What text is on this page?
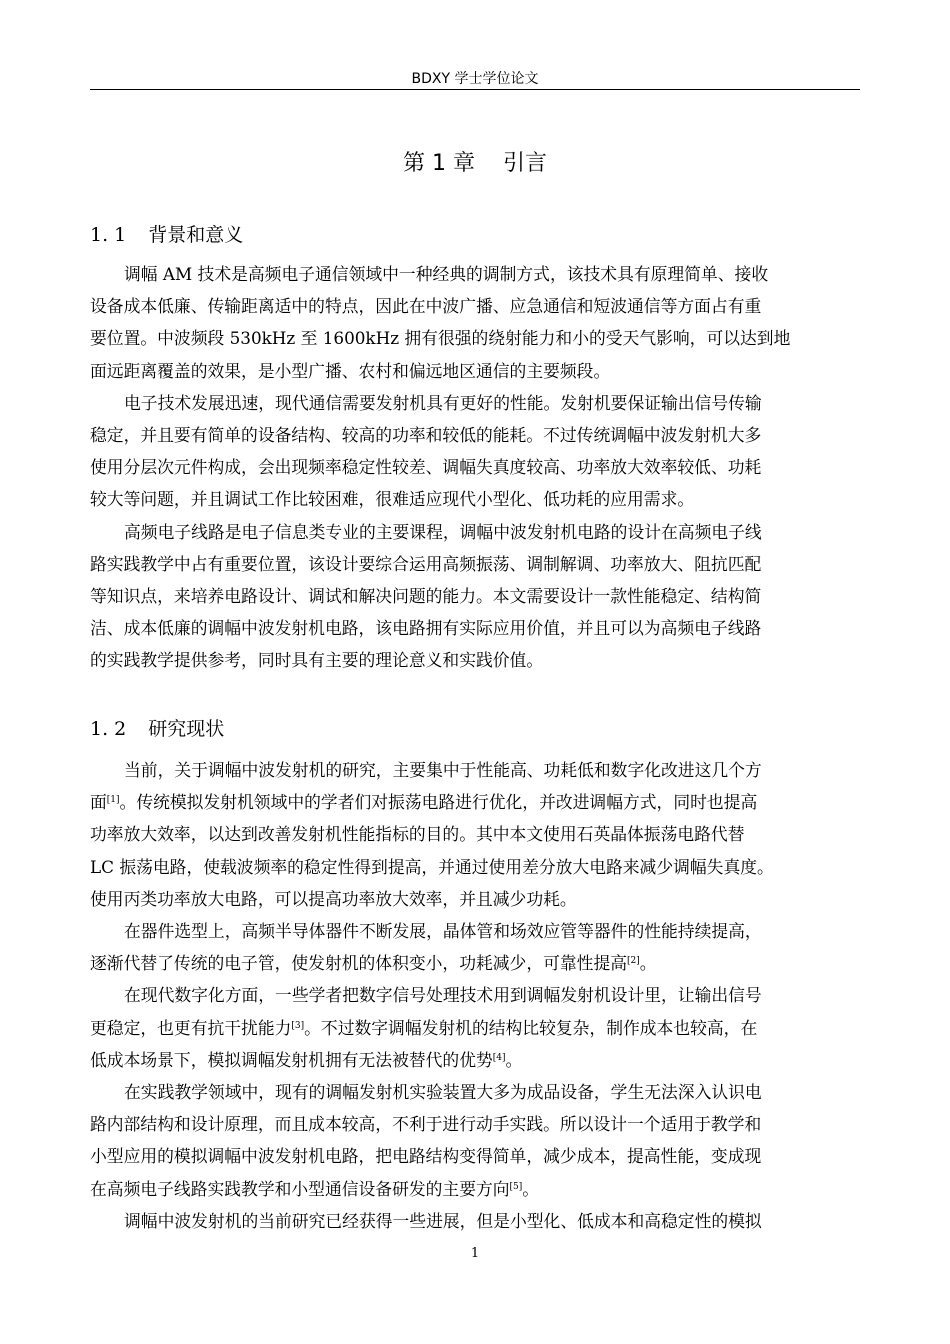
BDXY 学士学位论文
第 1 章    引言
1. 1 背景和意义

调幅 AM 技术是高频电子通信领域中一种经典的调制方式，该技术具有原理简单、接收
设备成本低廉、传输距离适中的特点，因此在中波广播、应急通信和短波通信等方面占有重
要位置。中波频段 530kHz 至 1600kHz 拥有很强的绕射能力和小的受天气影响，可以达到地
面远距离覆盖的效果，是小型广播、农村和偏远地区通信的主要频段。

电子技术发展迅速，现代通信需要发射机具有更好的性能。发射机要保证输出信号传输
稳定，并且要有简单的设备结构、较高的功率和较低的能耗。不过传统调幅中波发射机大多
使用分层次元件构成，会出现频率稳定性较差、调幅失真度较高、功率放大效率较低、功耗
较大等问题，并且调试工作比较困难，很难适应现代小型化、低功耗的应用需求。

高频电子线路是电子信息类专业的主要课程，调幅中波发射机电路的设计在高频电子线
路实践教学中占有重要位置，该设计要综合运用高频振荡、调制解调、功率放大、阻抗匹配
等知识点，来培养电路设计、调试和解决问题的能力。本文需要设计一款性能稳定、结构简
洁、成本低廉的调幅中波发射机电路，该电路拥有实际应用价值，并且可以为高频电子线路
的实践教学提供参考，同时具有主要的理论意义和实践价值。

1. 2 研究现状

当前，关于调幅中波发射机的研究，主要集中于性能高、功耗低和数字化改进这几个方
面[1]。传统模拟发射机领域中的学者们对振荡电路进行优化，并改进调幅方式，同时也提高
功率放大效率，以达到改善发射机性能指标的目的。其中本文使用石英晶体振荡电路代替
LC 振荡电路，使载波频率的稳定性得到提高，并通过使用差分放大电路来减少调幅失真度。
使用丙类功率放大电路，可以提高功率放大效率，并且减少功耗。

在器件选型上，高频半导体器件不断发展，晶体管和场效应管等器件的性能持续提高，
逐渐代替了传统的电子管，使发射机的体积变小，功耗减少，可靠性提高[2]。

在现代数字化方面，一些学者把数字信号处理技术用到调幅发射机设计里，让输出信号
更稳定，也更有抗干扰能力[3]。不过数字调幅发射机的结构比较复杂，制作成本也较高，在
低成本场景下，模拟调幅发射机拥有无法被替代的优势[4]。

在实践教学领域中，现有的调幅发射机实验装置大多为成品设备，学生无法深入认识电
路内部结构和设计原理，而且成本较高，不利于进行动手实践。所以设计一个适用于教学和
小型应用的模拟调幅中波发射机电路，把电路结构变得简单，减少成本，提高性能，变成现
在高频电子线路实践教学和小型通信设备研发的主要方向[5]。

调幅中波发射机的当前研究已经获得一些进展，但是小型化、低成本和高稳定性的模拟

1
